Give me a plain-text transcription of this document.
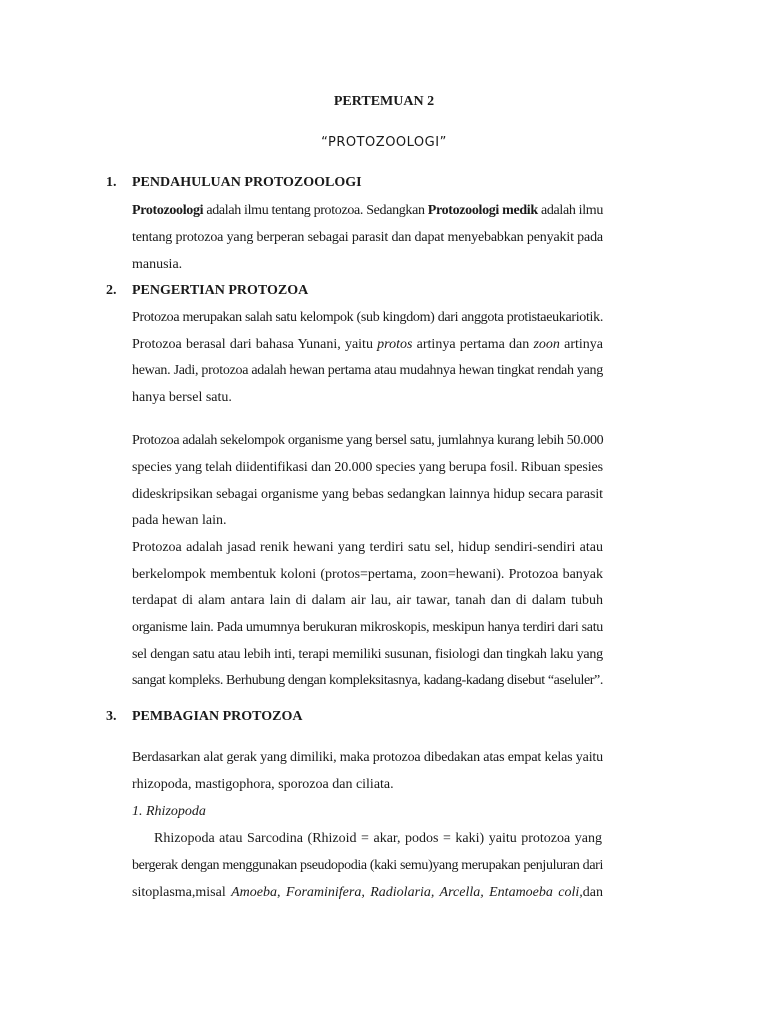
PERTEMUAN 2
“PROTOZOOLOGI”
1. PENDAHULUAN PROTOZOOLOGI
2. PENGERTIAN PROTOZOA
3. PEMBAGIAN PROTOZOA
Protozoologi adalah ilmu tentang protozoa. Sedangkan Protozoologi medik adalah ilmu
tentang protozoa yang berperan sebagai parasit dan dapat menyebabkan penyakit pada
manusia.
Protozoa merupakan salah satu kelompok (sub kingdom) dari anggota protistaeukariotik.
Protozoa berasal dari bahasa Yunani, yaitu protos artinya pertama dan zoon artinya
hewan. Jadi, protozoa adalah hewan pertama atau mudahnya hewan tingkat rendah yang
hanya bersel satu.
Protozoa adalah sekelompok organisme yang bersel satu, jumlahnya kurang lebih 50.000
species yang telah diidentifikasi dan 20.000 species yang berupa fosil. Ribuan spesies
dideskripsikan sebagai organisme yang bebas sedangkan lainnya hidup secara parasit
pada hewan lain.
Protozoa adalah jasad renik hewani yang terdiri satu sel, hidup sendiri-sendiri atau
berkelompok membentuk koloni (protos=pertama, zoon=hewani). Protozoa banyak
terdapat di alam antara lain di dalam air lau, air tawar, tanah dan di dalam tubuh
organisme lain. Pada umumnya berukuran mikroskopis, meskipun hanya terdiri dari satu
sel dengan satu atau lebih inti, terapi memiliki susunan, fisiologi dan tingkah laku yang
sangat kompleks. Berhubung dengan kompleksitasnya, kadang-kadang disebut “aseluler”.
Berdasarkan alat gerak yang dimiliki, maka protozoa dibedakan atas empat kelas yaitu
rhizopoda, mastigophora, sporozoa dan ciliata.
1. Rhizopoda
Rhizopoda atau Sarcodina (Rhizoid = akar, podos = kaki) yaitu protozoa yang
bergerak dengan menggunakan pseudopodia (kaki semu)yang merupakan penjuluran dari
sitoplasma,misal Amoeba, Foraminifera, Radiolaria, Arcella, Entamoeba coli,dan
